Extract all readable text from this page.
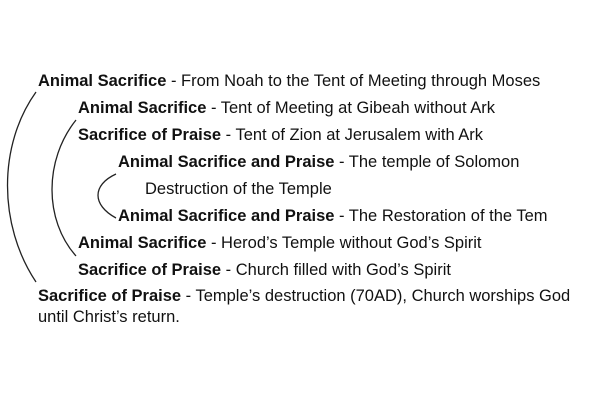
Animal Sacrifice - From Noah to the Tent of Meeting through Moses
Animal Sacrifice - Tent of Meeting at Gibeah without Ark
Sacrifice of Praise - Tent of Zion at Jerusalem with Ark
Animal Sacrifice and Praise - The temple of Solomon
Destruction of the Temple
Animal Sacrifice and Praise - The Restoration of the Tem
Animal Sacrifice - Herod’s Temple without God’s Spirit
Sacrifice of Praise - Church filled with God’s Spirit
Sacrifice of Praise - Temple’s destruction (70AD), Church worships God until Christ’s return.
